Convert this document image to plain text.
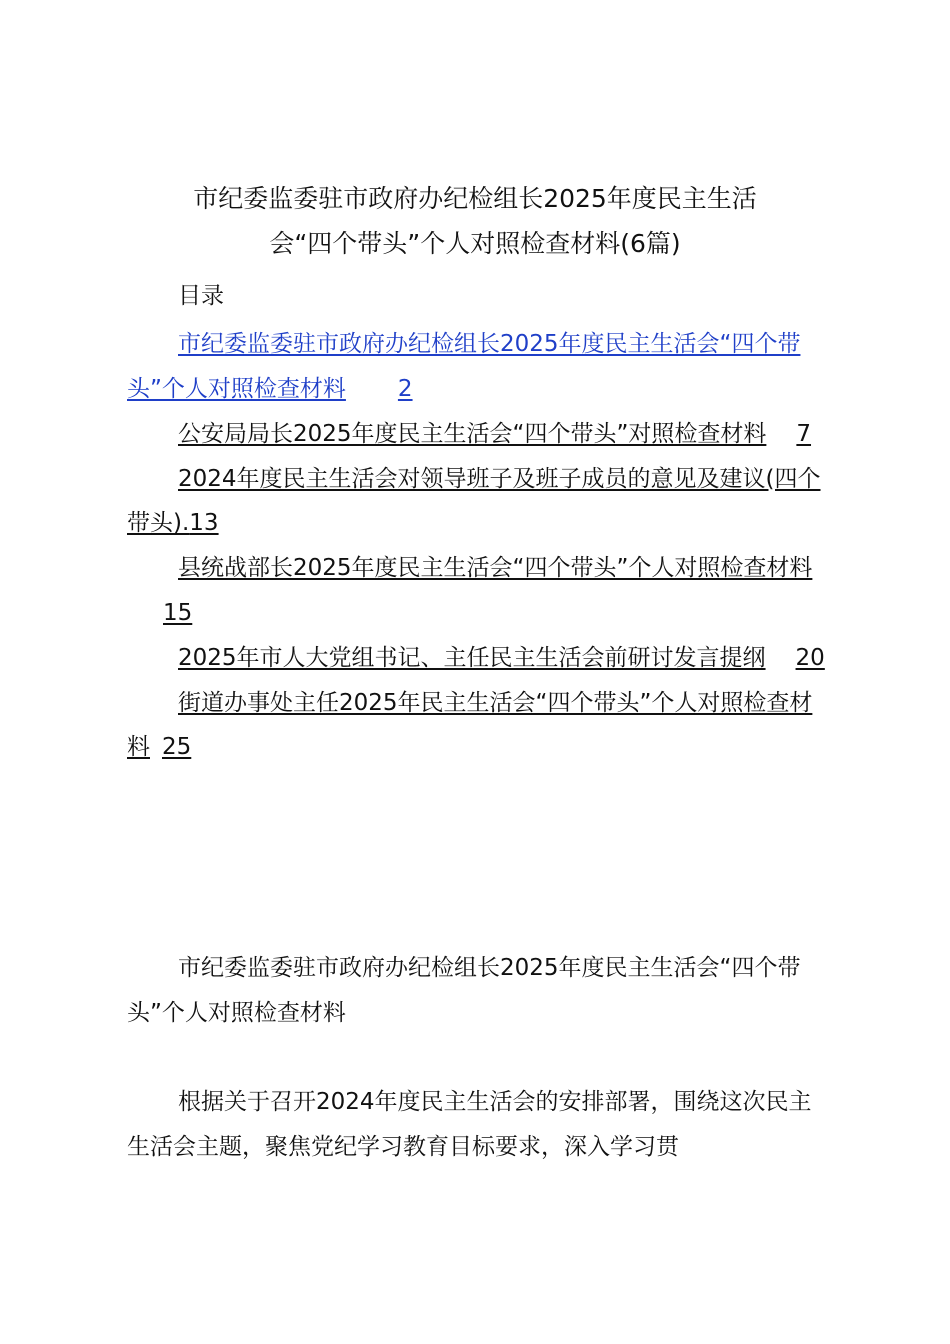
市纪委监委驻市政府办纪检组长2025年度民主生活
会“四个带头”个人对照检查材料(6篇)
目录
市纪委监委驻市政府办纪检组长2025年度民主生活会“四个带头”个人对照检查材料 2
公安局局长2025年度民主生活会“四个带头”对照检查材料 7
2024年度民主生活会对领导班子及班子成员的意见及建议(四个带头).13
县统战部长2025年度民主生活会“四个带头”个人对照检查材料15
2025年市人大党组书记、主任民主生活会前研讨发言提纲 20
街道办事处主任2025年民主生活会“四个带头”个人对照检查材料 25
市纪委监委驻市政府办纪检组长2025年度民主生活会“四个带头”个人对照检查材料
根据关于召开2024年度民主生活会的安排部署，围绕这次民主生活会主题，聚焦党纪学习教育目标要求，深入学习贯
